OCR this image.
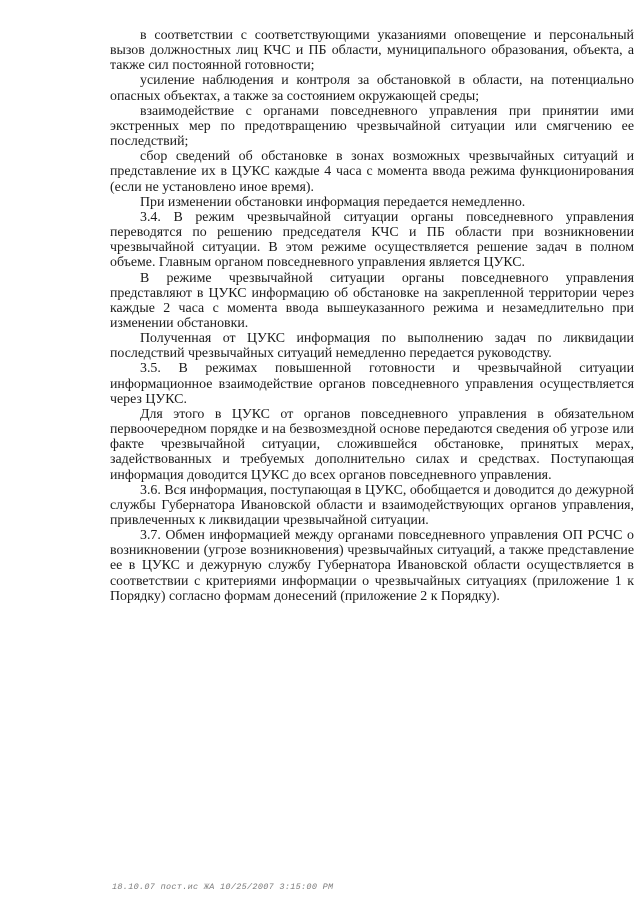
в соответствии с соответствующими указаниями оповещение и персональный вызов должностных лиц КЧС и ПБ области, муниципального образования, объекта, а также сил постоянной готовности;

усиление наблюдения и контроля за обстановкой в области, на потенциально опасных объектах, а также за состоянием окружающей среды;

взаимодействие с органами повседневного управления при принятии ими экстренных мер по предотвращению чрезвычайной ситуации или смягчению ее последствий;

сбор сведений об обстановке в зонах возможных чрезвычайных ситуаций и представление их в ЦУКС каждые 4 часа с момента ввода режима функционирования (если не установлено иное время).

При изменении обстановки информация передается немедленно.

3.4. В режим чрезвычайной ситуации органы повседневного управления переводятся по решению председателя КЧС и ПБ области при возникновении чрезвычайной ситуации. В этом режиме осуществляется решение задач в полном объеме. Главным органом повседневного управления является ЦУКС.

В режиме чрезвычайной ситуации органы повседневного управления представляют в ЦУКС информацию об обстановке на закрепленной территории через каждые 2 часа с момента ввода вышеуказанного режима и незамедлительно при изменении обстановки.

Полученная от ЦУКС информация по выполнению задач по ликвидации последствий чрезвычайных ситуаций немедленно передается руководству.

3.5. В режимах повышенной готовности и чрезвычайной ситуации информационное взаимодействие органов повседневного управления осуществляется через ЦУКС.

Для этого в ЦУКС от органов повседневного управления в обязательном первоочередном порядке и на безвозмездной основе передаются сведения об угрозе или факте чрезвычайной ситуации, сложившейся обстановке, принятых мерах, задействованных и требуемых дополнительно силах и средствах. Поступающая информация доводится ЦУКС до всех органов повседневного управления.

3.6. Вся информация, поступающая в ЦУКС, обобщается и доводится до дежурной службы Губернатора Ивановской области и взаимодействующих органов управления, привлеченных к ликвидации чрезвычайной ситуации.

3.7. Обмен информацией между органами повседневного управления ОП РСЧС о возникновении (угрозе возникновения) чрезвычайных ситуаций, а также представление ее в ЦУКС и дежурную службу Губернатора Ивановской области осуществляется в соответствии с критериями информации о чрезвычайных ситуациях (приложение 1 к Порядку) согласно формам донесений (приложение 2 к Порядку).

18.10.07 пост.ис ЖА 10/25/2007 3:15:00 PM
